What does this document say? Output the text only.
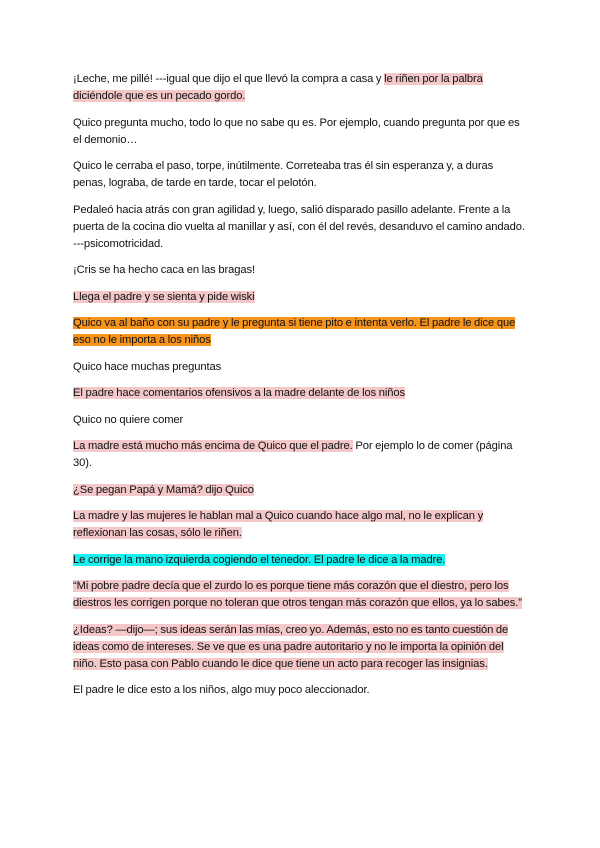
¡Leche, me pillé! ---igual que dijo el que llevó la compra a casa y le riñen por la palbra diciéndole que es un pecado gordo.

Quico pregunta mucho, todo lo que no sabe qu es. Por ejemplo, cuando pregunta por que es el demonio…

Quico le cerraba el paso, torpe, inútilmente. Correteaba tras él sin esperanza y, a duras penas, lograba, de tarde en tarde, tocar el pelotón.

Pedaleó hacia atrás con gran agilidad y, luego, salió disparado pasillo adelante. Frente a la puerta de la cocina dio vuelta al manillar y así, con él del revés, desanduvo el camino andado. ---psicomotricidad.

¡Cris se ha hecho caca en las bragas!

Llega el padre y se sienta y pide wiski

Quico va al baño con su padre y le pregunta si tiene pito e intenta verlo. El padre le dice que eso no le importa a los niños

Quico hace muchas preguntas

El padre hace comentarios ofensivos a la madre delante de los niños

Quico no quiere comer

La madre está mucho más encima de Quico que el padre. Por ejemplo lo de comer (página 30).

¿Se pegan Papá y Mamá? dijo Quico

La madre y las mujeres le hablan mal a Quico cuando hace algo mal, no le explican y reflexionan las cosas, sólo le riñen.

Le corrige la mano izquierda cogiendo el tenedor. El padre le dice a la madre.

“Mi pobre padre decía que el zurdo lo es porque tiene más corazón que el diestro, pero los diestros les corrigen porque no toleran que otros tengan más corazón que ellos, ya lo sabes.”

¿Ideas? —dijo—; sus ideas serán las mías, creo yo. Además, esto no es tanto cuestión de ideas como de intereses. Se ve que es una padre autoritario y no le importa la opinión del niño. Esto pasa con Pablo cuando le dice que tiene un acto para recoger las insignias.

El padre le dice esto a los niños, algo muy poco aleccionador.
